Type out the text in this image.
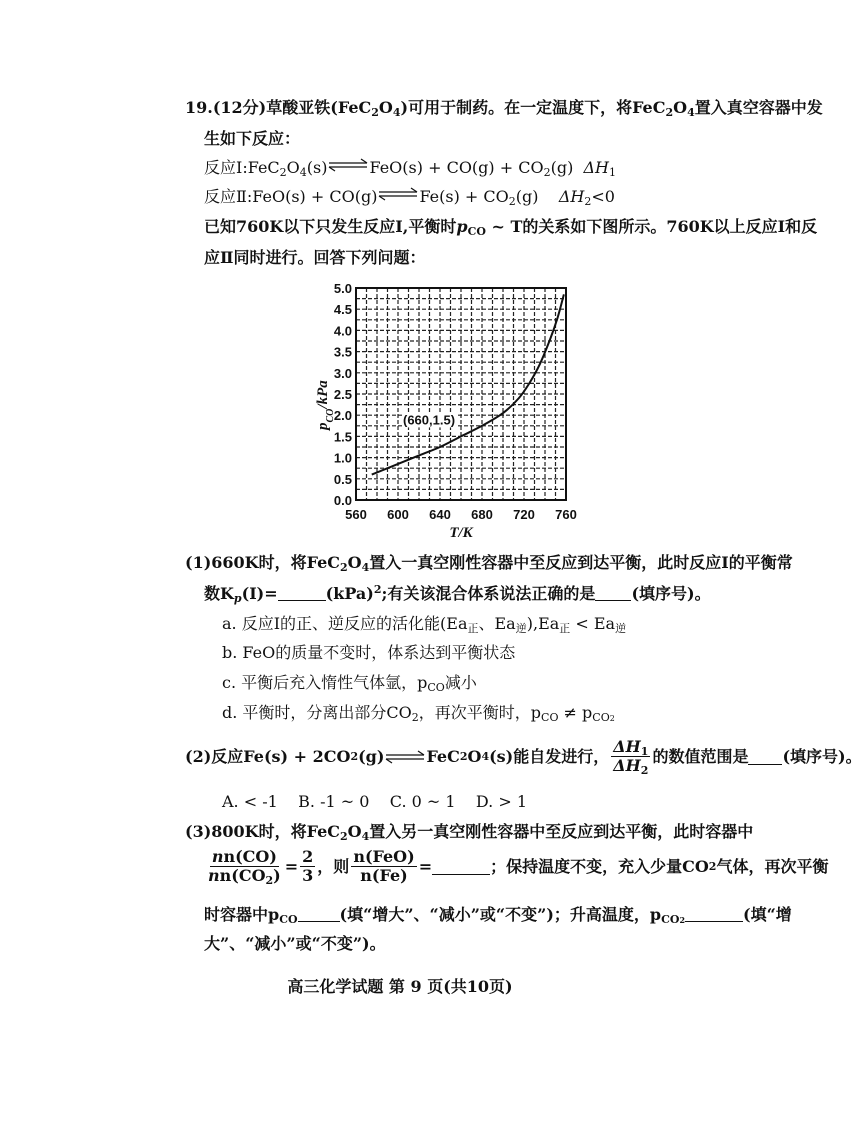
19.(12分)草酸亚铁$(FeC_2O_4)$可用于制药。在一定温度下，将$FeC_2O_4$置入真空容器中发
生如下反应：
反应$Ⅰ:FeC_2O_4(s)\rightleftharpoons FeO(s) + CO(g) + CO_2(g)$ $\Delta H_1$
反应Ⅱ:FeO(s) + CO(g)⇌Fe(s) + $CO_2(g)$ $\Delta H_2<0$
已知760K以下只发生反应Ⅰ,平衡时$p_{CO}$ ~ T的关系如下图所示。760K以上反应Ⅰ和反
应Ⅱ同时进行。回答下列问题：
0.0
0.5
1.0
1.5
2.0
2.5
3.0
3.5
4.0
4.5
5.0
560 600 640 680 720 760
(660,1.5)
$p_{CO}$/kPa
T/K
(1)660K时，将$FeC_2O_4$置入一真空刚性容器中至反应到达平衡，此时反应Ⅰ的平衡常
数$K_p(Ⅰ)=$	(kPa)$^2$;有关该混合体系说法正确的是 (填序号)。
a. 反应Ⅰ的正、逆反应的活化能($Ea_正$、$Ea_逆),Ea_正 < Ea_逆$
b. FeO的质量不变时，体系达到平衡状态
c. 平衡后充入惰性气体氩，$p_{CO}$减小
d. 平衡时，分离出部分$CO_2$，再次平衡时，$p_{CO} \ne p_{CO2}$
(2)反应Fe(s) + 2CO 2 (g) ⇌ FeC 2 O 4 (s)能自发进行， $\frac{\Delta H_1}{\Delta H_2}$ 的数值范围是 (填序号)。
A. < -1 B. -1 ~ 0 C. 0 ~ 1 D. > 1
(3)800K时，将$FeC_2O_4$置入另一真空刚性容器中至反应到达平衡，此时容器中
$\frac{nn(CO)}{nn(CO_2)} = \frac{2}{3}$ ，则 $\frac{\text{n(FeO)}}{n(Fe)}$ =	；保持温度不变，充入少量CO 2 气体，再次平衡
时容器中$p_{CO}$	(填“增大”、“减小”或“不变”)；升高温度，$p_{CO2}$	(填“增
大”、“减小”或“不变”)。
高三化学试题 第 9 页(共10页)
